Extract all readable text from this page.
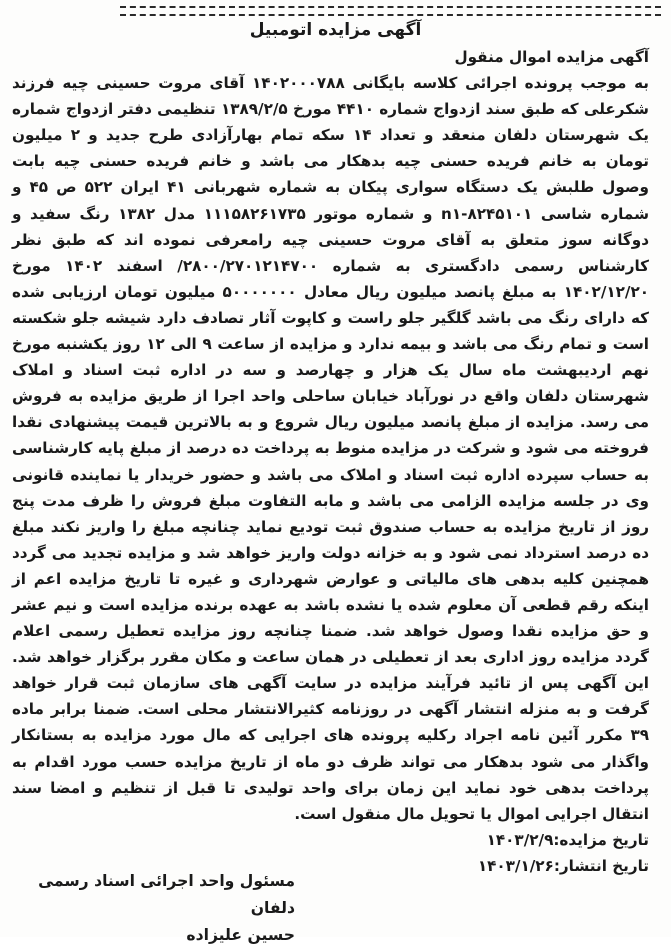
آگهی مزایده اتومبیل

آگهی مزایده اموال منقول

به موجب پرونده اجرائی کلاسه بایگانی ۱۴۰۲۰۰۰۷۸۸ آقای مروت حسینی چیه فرزند شکرعلی که طبق سند ازدواج شماره ۴۴۱۰ مورخ ۱۳۸۹/۲/۵ تنظیمی دفتر ازدواج شماره یک شهرستان دلفان منعقد و تعداد ۱۴ سکه تمام بهارآزادی طرح جدید و ۲ میلیون تومان به خانم فریده حسنی چیه بدهکار می باشد و خانم فریده حسنی چیه بابت وصول طلبش یک دستگاه سواری پیکان به شماره شهربانی ۴۱ ایران ۵۲۲ ص ۴۵ و شماره شاسی ۸۲۴۵۱۰۱-n۱ و شماره موتور ۱۱۱۵۸۲۶۱۷۳۵ مدل ۱۳۸۲ رنگ سفید و دوگانه سوز متعلق به آقای مروت حسینی چیه رامعرفی نموده اند که طبق نظر کارشناس رسمی دادگستری به شماره ۲۸۰۰/۲۷۰۱۲۱۴۷۰۰/ اسفند ۱۴۰۲ مورخ ۱۴۰۲/۱۲/۲۰ به مبلغ پانصد میلیون ریال معادل ۵۰۰۰۰۰۰۰ میلیون تومان ارزیابی شده که دارای رنگ می باشد گلگیر جلو راست و کاپوت آثار تصادف دارد شیشه جلو شکسته است و تمام رنگ می باشد و بیمه ندارد و مزایده از ساعت ۹ الی ۱۲ روز یکشنبه مورخ نهم اردیبهشت ماه سال یک هزار و چهارصد و سه در اداره ثبت اسناد و املاک شهرستان دلفان واقع در نورآباد خیابان ساحلی واحد اجرا از طریق مزایده به فروش می رسد. مزایده از مبلغ پانصد میلیون ریال شروع و به بالاترین قیمت پیشنهادی نقدا فروخته می شود و شرکت در مزایده منوط به پرداخت ده درصد از مبلغ پایه کارشناسی به حساب سپرده اداره ثبت اسناد و املاک می باشد و حضور خریدار یا نماینده قانونی وی در جلسه مزایده الزامی می باشد و مابه التفاوت مبلغ فروش را ظرف مدت پنج روز از تاریخ مزایده به حساب صندوق ثبت تودیع نماید چنانچه مبلغ را واریز نکند مبلغ ده درصد استرداد نمی شود و به خزانه دولت واریز خواهد شد و مزایده تجدید می گردد همچنین کلیه بدهی های مالیاتی و عوارض شهرداری و غیره تا تاریخ مزایده اعم از اینکه رقم قطعی آن معلوم شده یا نشده باشد به عهده برنده مزایده است و نیم عشر و حق مزایده نقدا وصول خواهد شد. ضمنا چنانچه روز مزایده تعطیل رسمی اعلام گردد مزایده روز اداری بعد از تعطیلی در همان ساعت و مکان مقرر برگزار خواهد شد. این آگهی پس از تائید فرآیند مزایده در سایت آگهی های سازمان ثبت قرار خواهد گرفت و به منزله انتشار آگهی در روزنامه کثیرالانتشار محلی است. ضمنا برابر ماده ۳۹ مکرر آئین نامه اجراد رکلیه پرونده های اجرایی که مال مورد مزایده به بستانکار واگذار می شود بدهکار می تواند ظرف دو ماه از تاریخ مزایده حسب مورد اقدام به پرداخت بدهی خود نماید این زمان برای واحد تولیدی تا قبل از تنظیم و امضا سند انتقال اجرایی اموال یا تحویل مال منقول است.

تاریخ مزایده:۱۴۰۳/۲/۹

تاریخ انتشار:۱۴۰۳/۱/۲۶

مسئول واحد اجرائی اسناد رسمی دلفان
حسین علیزاده
